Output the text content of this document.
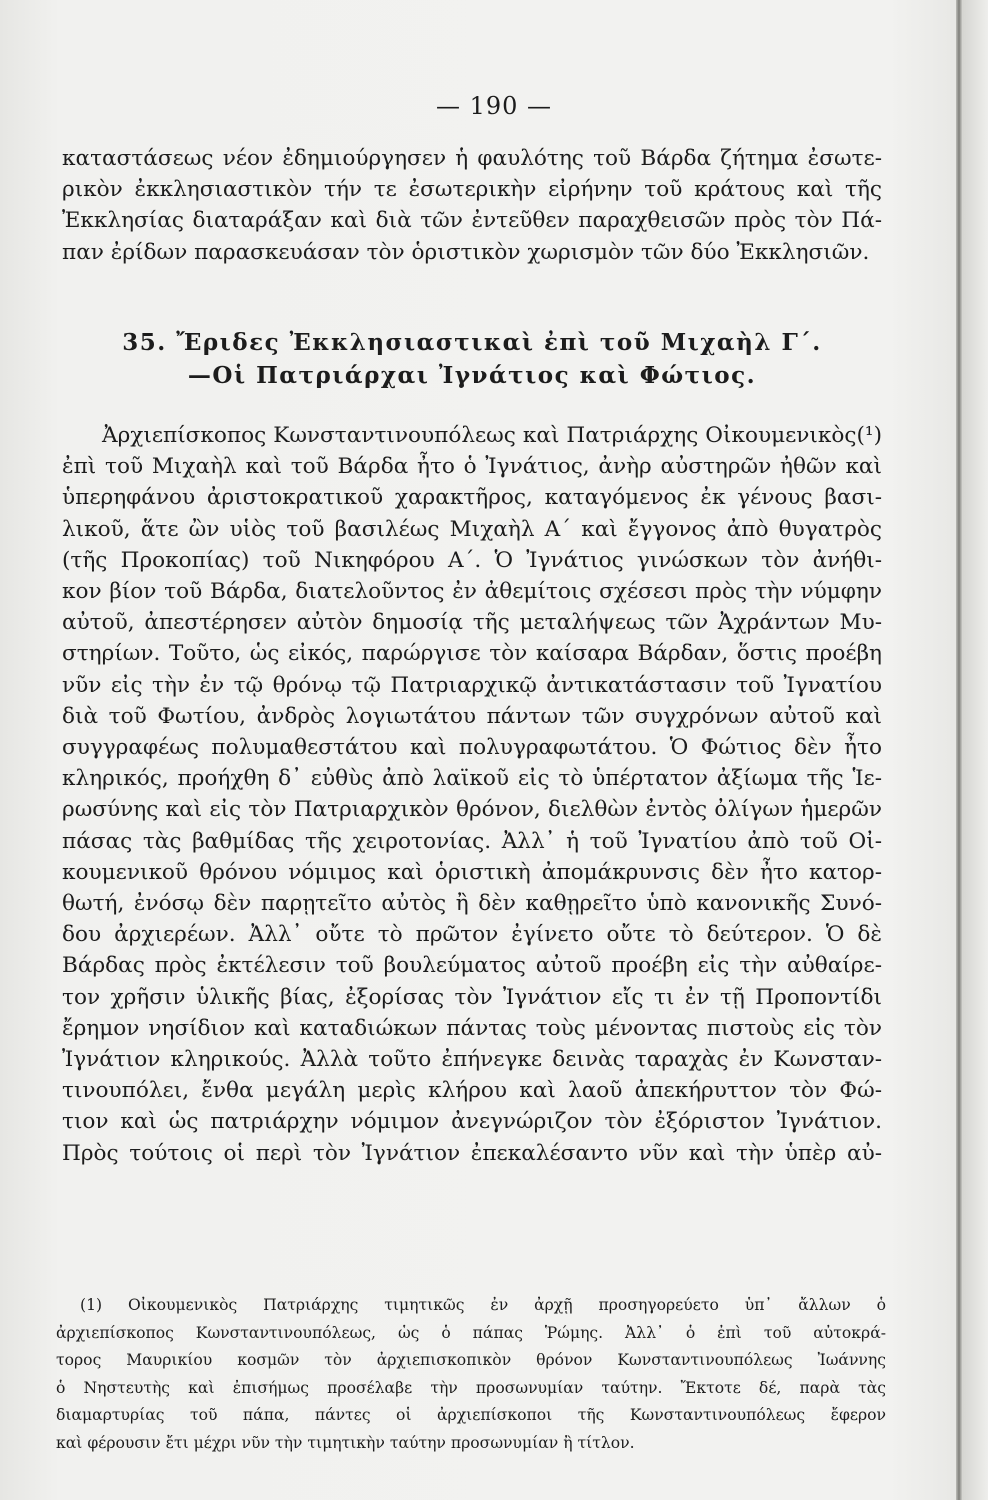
— 190 —
καταστάσεως νέον ἐδημιούργησεν ἡ φαυλότης τοῦ Βάρδα ζήτημα ἐσωτε-
ρικὸν ἐκκλησιαστικὸν τήν τε ἐσωτερικὴν εἰρήνην τοῦ κράτους καὶ τῆς
Ἐκκλησίας διαταράξαν καὶ διὰ τῶν ἐντεῦθεν παραχθεισῶν πρὸς τὸν Πά-
παν ἐρίδων παρασκευάσαν τὸν ὁριστικὸν χωρισμὸν τῶν δύο Ἐκκλησιῶν.
35. Ἔριδες Ἐκκλησιαστικαὶ ἐπὶ τοῦ Μιχαὴλ Γ΄.
—Οἱ Πατριάρχαι Ἰγνάτιος καὶ Φώτιος.
Ἀρχιεπίσκοπος Κωνσταντινουπόλεως καὶ Πατριάρχης Οἰκουμενικὸς(¹)
ἐπὶ τοῦ Μιχαὴλ καὶ τοῦ Βάρδα ἦτο ὁ Ἰγνάτιος, ἀνὴρ αὐστηρῶν ἠθῶν καὶ
ὑπερηφάνου ἀριστοκρατικοῦ χαρακτῆρος, καταγόμενος ἐκ γένους βασι-
λικοῦ, ἅτε ὢν υἱὸς τοῦ βασιλέως Μιχαὴλ Α΄ καὶ ἔγγονος ἀπὸ θυγατρὸς
(τῆς Προκοπίας) τοῦ Νικηφόρου Α΄. Ὁ Ἰγνάτιος γινώσκων τὸν ἀνήθι-
κον βίον τοῦ Βάρδα, διατελοῦντος ἐν ἀθεμίτοις σχέσεσι πρὸς τὴν νύμφην
αὐτοῦ, ἀπεστέρησεν αὐτὸν δημοσίᾳ τῆς μεταλήψεως τῶν Ἀχράντων Μυ-
στηρίων. Τοῦτο, ὡς εἰκός, παρώργισε τὸν καίσαρα Βάρδαν, ὅστις προέβη
νῦν εἰς τὴν ἐν τῷ θρόνῳ τῷ Πατριαρχικῷ ἀντικατάστασιν τοῦ Ἰγνατίου
διὰ τοῦ Φωτίου, ἀνδρὸς λογιωτάτου πάντων τῶν συγχρόνων αὐτοῦ καὶ
συγγραφέως πολυμαθεστάτου καὶ πολυγραφωτάτου. Ὁ Φώτιος δὲν ἦτο
κληρικός, προήχθη δ᾽ εὐθὺς ἀπὸ λαϊκοῦ εἰς τὸ ὑπέρτατον ἀξίωμα τῆς Ἱε-
ρωσύνης καὶ εἰς τὸν Πατριαρχικὸν θρόνον, διελθὼν ἐντὸς ὀλίγων ἡμερῶν
πάσας τὰς βαθμίδας τῆς χειροτονίας. Ἀλλ᾽ ἡ τοῦ Ἰγνατίου ἀπὸ τοῦ Οἰ-
κουμενικοῦ θρόνου νόμιμος καὶ ὁριστικὴ ἀπομάκρυνσις δὲν ἦτο κατορ-
θωτή, ἐνόσῳ δὲν παρῃτεῖτο αὐτὸς ἢ δὲν καθῃρεῖτο ὑπὸ κανονικῆς Συνό-
δου ἀρχιερέων. Ἀλλ᾽ οὔτε τὸ πρῶτον ἐγίνετο οὔτε τὸ δεύτερον. Ὁ δὲ
Βάρδας πρὸς ἐκτέλεσιν τοῦ βουλεύματος αὐτοῦ προέβη εἰς τὴν αὐθαίρε-
τον χρῆσιν ὑλικῆς βίας, ἐξορίσας τὸν Ἰγνάτιον εἴς τι ἐν τῇ Προποντίδι
ἔρημον νησίδιον καὶ καταδιώκων πάντας τοὺς μένοντας πιστοὺς εἰς τὸν
Ἰγνάτιον κληρικούς. Ἀλλὰ τοῦτο ἐπήνεγκε δεινὰς ταραχὰς ἐν Κωνσταν-
τινουπόλει, ἔνθα μεγάλη μερὶς κλήρου καὶ λαοῦ ἀπεκήρυττον τὸν Φώ-
τιον καὶ ὡς πατριάρχην νόμιμον ἀνεγνώριζον τὸν ἐξόριστον Ἰγνάτιον.
Πρὸς τούτοις οἱ περὶ τὸν Ἰγνάτιον ἐπεκαλέσαντο νῦν καὶ τὴν ὑπὲρ αὐ-
(1) Οἰκουμενικὸς Πατριάρχης τιμητικῶς ἐν ἀρχῇ προσηγορεύετο ὑπ᾽ ἄλλων ὁ
ἀρχιεπίσκοπος Κωνσταντινουπόλεως, ὡς ὁ πάπας Ῥώμης. Ἀλλ᾽ ὁ ἐπὶ τοῦ αὐτοκρά-
τορος Μαυρικίου κοσμῶν τὸν ἀρχιεπισκοπικὸν θρόνον Κωνσταντινουπόλεως Ἰωάννης
ὁ Νηστευτὴς καὶ ἐπισήμως προσέλαβε τὴν προσωνυμίαν ταύτην. Ἔκτοτε δέ, παρὰ τὰς
διαμαρτυρίας τοῦ πάπα, πάντες οἱ ἀρχιεπίσκοποι τῆς Κωνσταντινουπόλεως ἔφερον
καὶ φέρουσιν ἔτι μέχρι νῦν τὴν τιμητικὴν ταύτην προσωνυμίαν ἢ τίτλον.
